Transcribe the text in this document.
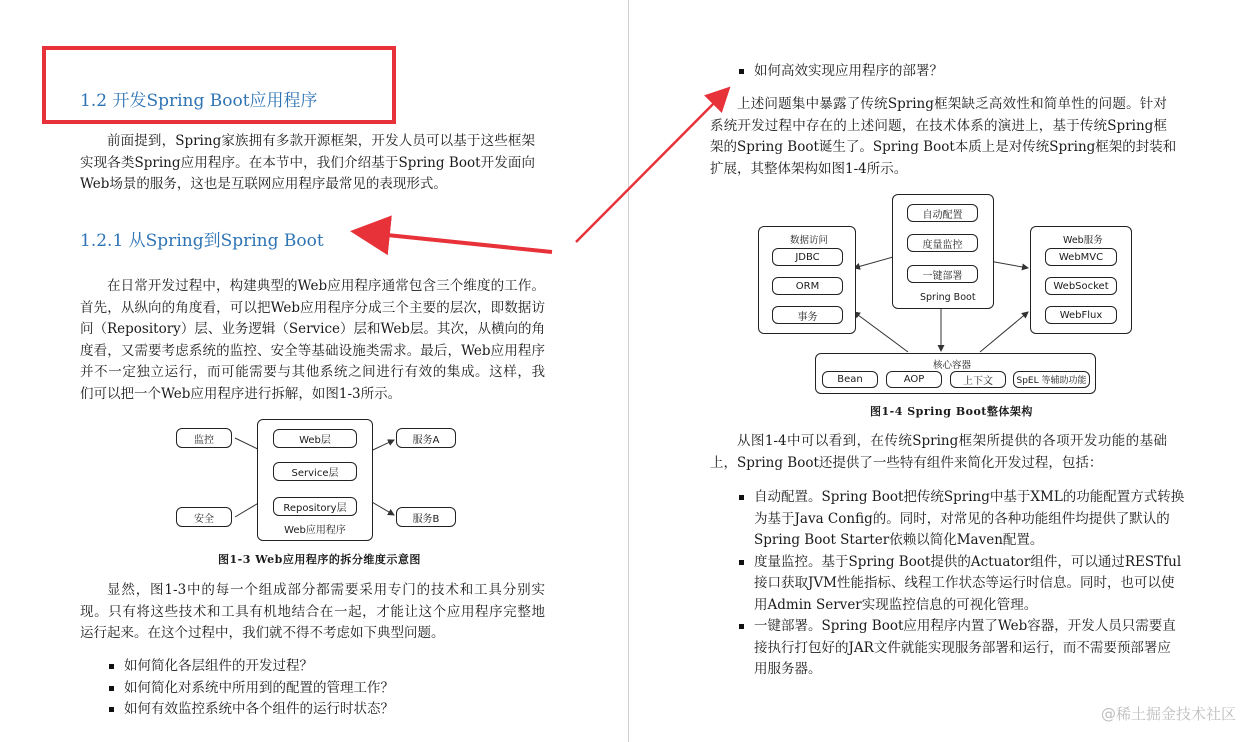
1.2 开发Spring Boot应用程序
前面提到，Spring家族拥有多款开源框架，开发人员可以基于这些框架
实现各类Spring应用程序。在本节中，我们介绍基于Spring Boot开发面向
Web场景的服务，这也是互联网应用程序最常见的表现形式。
1.2.1 从Spring到Spring Boot
在日常开发过程中，构建典型的Web应用程序通常包含三个维度的工作。
首先，从纵向的角度看，可以把Web应用程序分成三个主要的层次，即数据访
问（Repository）层、业务逻辑（Service）层和Web层。其次，从横向的角
度看，又需要考虑系统的监控、安全等基础设施类需求。最后，Web应用程序
并不一定独立运行，而可能需要与其他系统之间进行有效的集成。这样，我
们可以把一个Web应用程序进行拆解，如图1-3所示。
监控
安全
服务A
服务B
Web应用程序
Web层
Service层
Repository层
图1-3 Web应用程序的拆分维度示意图
显然，图1-3中的每一个组成部分都需要采用专门的技术和工具分别实
现。只有将这些技术和工具有机地结合在一起，才能让这个应用程序完整地
运行起来。在这个过程中，我们就不得不考虑如下典型问题。
如何简化各层组件的开发过程？
如何简化对系统中所用到的配置的管理工作？
如何有效监控系统中各个组件的运行时状态？
如何高效实现应用程序的部署？
上述问题集中暴露了传统Spring框架缺乏高效性和简单性的问题。针对
系统开发过程中存在的上述问题，在技术体系的演进上，基于传统Spring框
架的Spring Boot诞生了。Spring Boot本质上是对传统Spring框架的封装和
扩展，其整体架构如图1-4所示。
数据访问
JDBC
ORM
事务
自动配置
度量监控
一键部署
Spring Boot
Web服务
WebMVC
WebSocket
WebFlux
核心容器
Bean	AOP	上下文	SpEL 等辅助功能
图1-4 Spring Boot整体架构
从图1-4中可以看到，在传统Spring框架所提供的各项开发功能的基础
上，Spring Boot还提供了一些特有组件来简化开发过程，包括：
自动配置。Spring Boot把传统Spring中基于XML的功能配置方式转换
为基于Java Config的。同时，对常见的各种功能组件均提供了默认的
Spring Boot Starter依赖以简化Maven配置。
度量监控。基于Spring Boot提供的Actuator组件，可以通过RESTful
接口获取JVM性能指标、线程工作状态等运行时信息。同时，也可以使
用Admin Server实现监控信息的可视化管理。
一键部署。Spring Boot应用程序内置了Web容器，开发人员只需要直
接执行打包好的JAR文件就能实现服务部署和运行，而不需要预部署应
用服务器。
@稀土掘金技术社区
